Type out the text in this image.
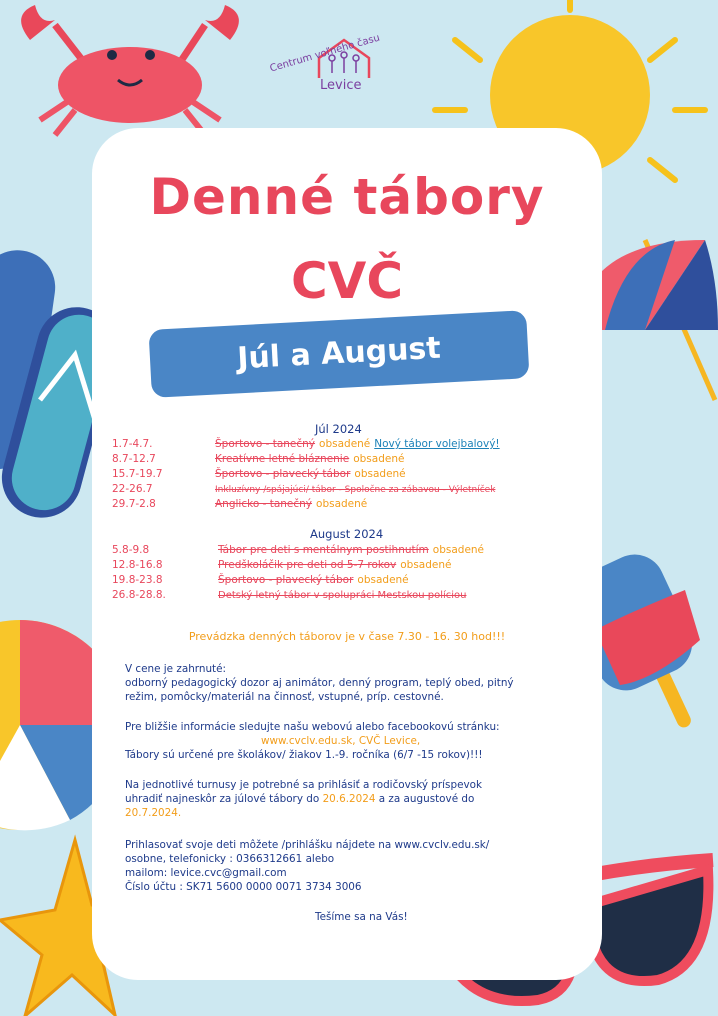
Centrum voľného času
Levice
Denné tábory
CVČ
Júl a August
Júl 2024
1.7-4.7.	Športovo - tanečný obsadené Nový tábor volejbalový!
8.7-12.7	Kreatívne letné bláznenie obsadené
15.7-19.7	Športovo - plavecký tábor obsadené
22-26.7	Inkluzívny /spájajúci/ tábor - Spoločne za zábavou - Výletníček
29.7-2.8	Anglicko - tanečný obsadené
August 2024
5.8-9.8	Tábor pre deti s mentálnym postihnutím obsadené
12.8-16.8	Predškoláčik pre deti od 5-7 rokov obsadené
19.8-23.8	Športovo - plavecký tábor obsadené
26.8-28.8.	Detský letný tábor v spolupráci Mestskou políciou
Prevádzka denných táborov je v čase 7.30 - 16. 30 hod!!!
V cene je zahrnuté:
odborný pedagogický dozor aj animátor, denný program, teplý obed, pitný
režim, pomôcky/materiál na činnosť, vstupné, príp. cestovné.
Pre bližšie informácie sledujte našu webovú alebo facebookovú stránku:
www.cvclv.edu.sk, CVČ Levice,
Tábory sú určené pre školákov/ žiakov 1.-9. ročníka (6/7 -15 rokov)!!!
Na jednotlivé turnusy je potrebné sa prihlásiť a rodičovský príspevok
uhradiť najneskôr za júlové tábory do 20.6.2024 a za augustové do
20.7.2024.
Prihlasovať svoje deti môžete /prihlášku nájdete na www.cvclv.edu.sk/
osobne, telefonicky : 0366312661 alebo
mailom: levice.cvc@gmail.com
Číslo účtu : SK71 5600 0000 0071 3734 3006
Tešíme sa na Vás!
